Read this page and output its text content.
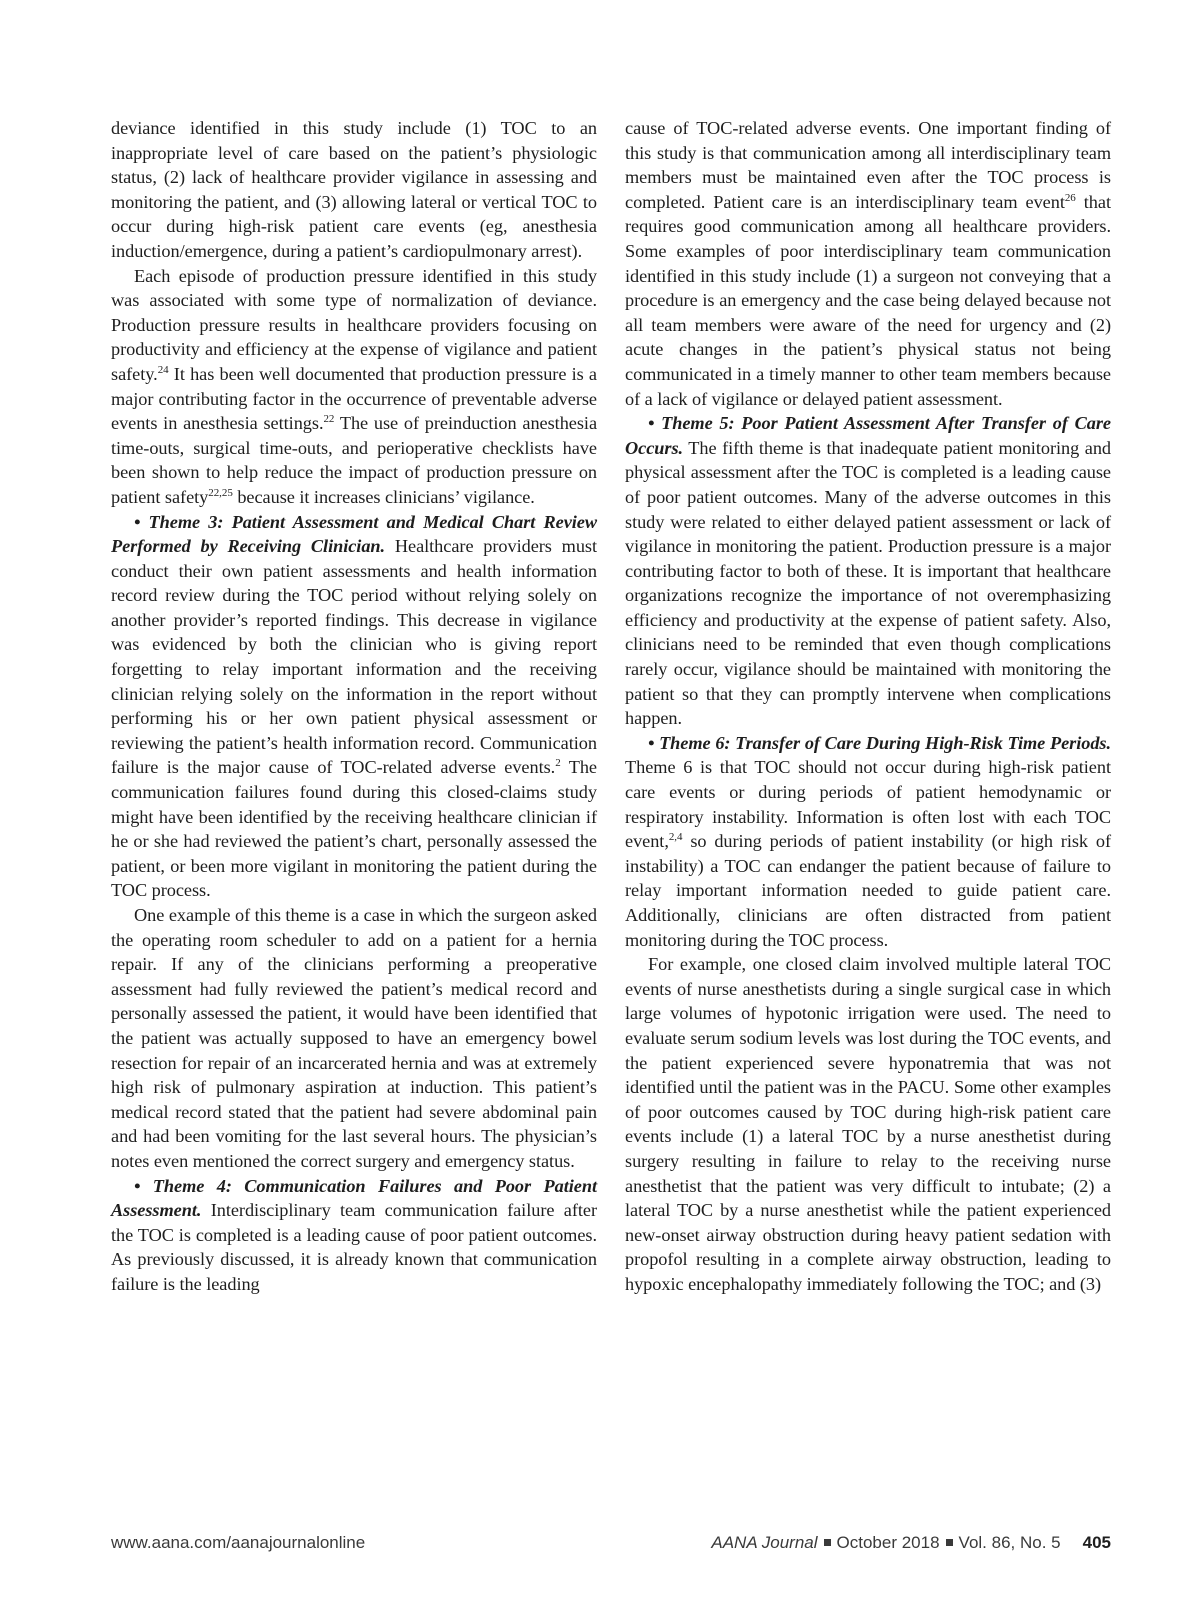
deviance identified in this study include (1) TOC to an inappropriate level of care based on the patient’s physiologic status, (2) lack of healthcare provider vigilance in assessing and monitoring the patient, and (3) allowing lateral or vertical TOC to occur during high-risk patient care events (eg, anesthesia induction/emergence, during a patient’s cardiopulmonary arrest).

Each episode of production pressure identified in this study was associated with some type of normalization of deviance. Production pressure results in healthcare providers focusing on productivity and efficiency at the expense of vigilance and patient safety.$^{24}$ It has been well documented that production pressure is a major contributing factor in the occurrence of preventable adverse events in anesthesia settings.$^{22}$ The use of preinduction anesthesia time-outs, surgical time-outs, and perioperative checklists have been shown to help reduce the impact of production pressure on patient safety$^{22,25}$ because it increases clinicians’ vigilance.

• Theme 3: Patient Assessment and Medical Chart Review Performed by Receiving Clinician. Healthcare providers must conduct their own patient assessments and health information record review during the TOC period without relying solely on another provider’s reported findings. This decrease in vigilance was evidenced by both the clinician who is giving report forgetting to relay important information and the receiving clinician relying solely on the information in the report without performing his or her own patient physical assessment or reviewing the patient’s health information record. Communication failure is the major cause of TOC-related adverse events.$^2$ The communication failures found during this closed-claims study might have been identified by the receiving healthcare clinician if he or she had reviewed the patient’s chart, personally assessed the patient, or been more vigilant in monitoring the patient during the TOC process.

One example of this theme is a case in which the surgeon asked the operating room scheduler to add on a patient for a hernia repair. If any of the clinicians performing a preoperative assessment had fully reviewed the patient’s medical record and personally assessed the patient, it would have been identified that the patient was actually supposed to have an emergency bowel resection for repair of an incarcerated hernia and was at extremely high risk of pulmonary aspiration at induction. This patient’s medical record stated that the patient had severe abdominal pain and had been vomiting for the last several hours. The physician’s notes even mentioned the correct surgery and emergency status.

• Theme 4: Communication Failures and Poor Patient Assessment. Interdisciplinary team communication failure after the TOC is completed is a leading cause of poor patient outcomes. As previously discussed, it is already known that communication failure is the leading

cause of TOC-related adverse events. One important finding of this study is that communication among all interdisciplinary team members must be maintained even after the TOC process is completed. Patient care is an interdisciplinary team event$^{26}$ that requires good communication among all healthcare providers. Some examples of poor interdisciplinary team communication identified in this study include (1) a surgeon not conveying that a procedure is an emergency and the case being delayed because not all team members were aware of the need for urgency and (2) acute changes in the patient’s physical status not being communicated in a timely manner to other team members because of a lack of vigilance or delayed patient assessment.

• Theme 5: Poor Patient Assessment After Transfer of Care Occurs. The fifth theme is that inadequate patient monitoring and physical assessment after the TOC is completed is a leading cause of poor patient outcomes. Many of the adverse outcomes in this study were related to either delayed patient assessment or lack of vigilance in monitoring the patient. Production pressure is a major contributing factor to both of these. It is important that healthcare organizations recognize the importance of not overemphasizing efficiency and productivity at the expense of patient safety. Also, clinicians need to be reminded that even though complications rarely occur, vigilance should be maintained with monitoring the patient so that they can promptly intervene when complications happen.

• Theme 6: Transfer of Care During High-Risk Time Periods. Theme 6 is that TOC should not occur during high-risk patient care events or during periods of patient hemodynamic or respiratory instability. Information is often lost with each TOC event,$^{2,4}$ so during periods of patient instability (or high risk of instability) a TOC can endanger the patient because of failure to relay important information needed to guide patient care. Additionally, clinicians are often distracted from patient monitoring during the TOC process.

For example, one closed claim involved multiple lateral TOC events of nurse anesthetists during a single surgical case in which large volumes of hypotonic irrigation were used. The need to evaluate serum sodium levels was lost during the TOC events, and the patient experienced severe hyponatremia that was not identified until the patient was in the PACU. Some other examples of poor outcomes caused by TOC during high-risk patient care events include (1) a lateral TOC by a nurse anesthetist during surgery resulting in failure to relay to the receiving nurse anesthetist that the patient was very difficult to intubate; (2) a lateral TOC by a nurse anesthetist while the patient experienced new-onset airway obstruction during heavy patient sedation with propofol resulting in a complete airway obstruction, leading to hypoxic encephalopathy immediately following the TOC; and (3)

www.aana.com/aanajournalonline	AANA Journal October 2018 Vol. 86, No. 5 405
